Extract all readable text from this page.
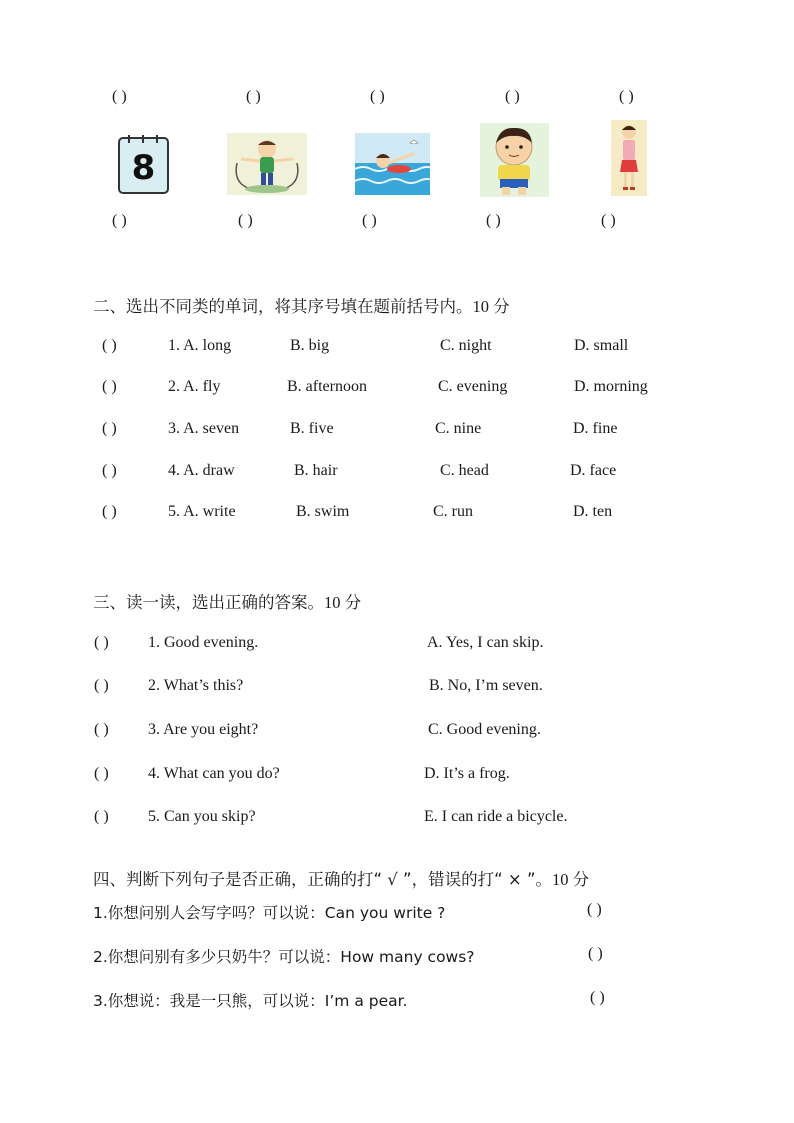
( )	( )	( )	( )	( )
8
( )	( )	( )	( )	( )
二、选出不同类的单词，将其序号填在题前括号内。10 分
( )	1. A. long	B. big	C. night	D. small
( )	2. A. fly	B. afternoon	C. evening	D. morning
( )	3. A. seven	B. five	C. nine	D. fine
( )	4. A. draw	B. hair	C. head	D. face
( )	5. A. write	B. swim	C. run	D. ten
三、读一读，选出正确的答案。10 分
( ) 1. Good evening.	A. Yes, I can skip.
( ) 2. What’s this?	B. No, I’m seven.
( ) 3. Are you eight?	C. Good evening.
( ) 4. What can you do?	D. It’s a frog.
( ) 5. Can you skip?	E. I can ride a bicycle.
四、判断下列句子是否正确，正确的打“ √ ”，错误的打“ × ”。10 分
1.你想问别人会写字吗？可以说：Can you write ?	( )
2.你想问别有多少只奶牛？可以说：How many cows?	( )
3.你想说：我是一只熊，可以说：I’m a pear.	( )
